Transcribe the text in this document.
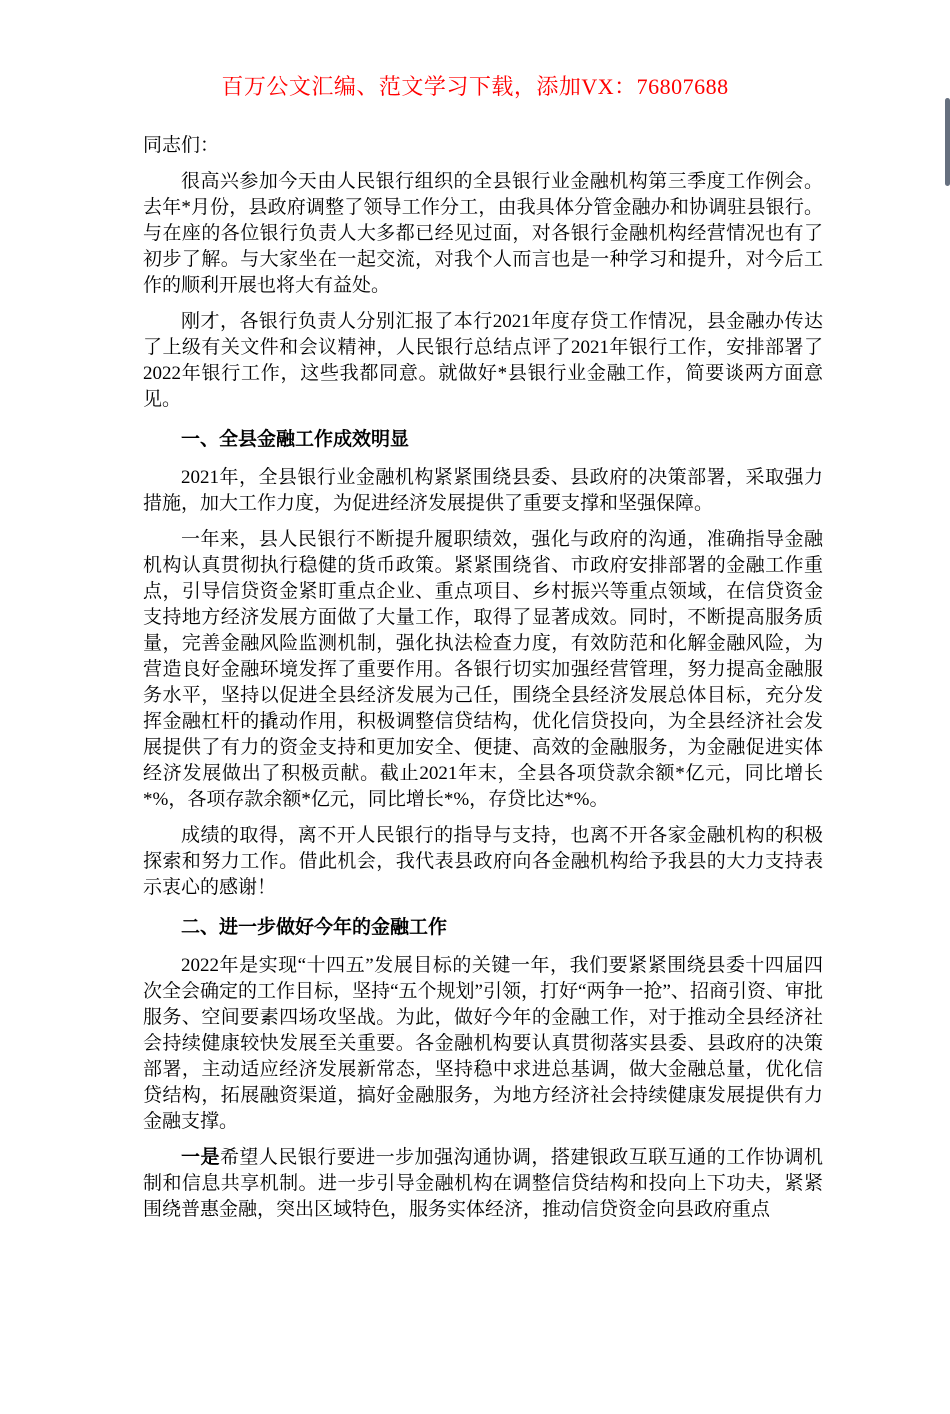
百万公文汇编、范文学习下载，添加VX：76807688

同志们：

很高兴参加今天由人民银行组织的全县银行业金融机构第三季度工作例会。去年*月份，县政府调整了领导工作分工，由我具体分管金融办和协调驻县银行。与在座的各位银行负责人大多都已经见过面，对各银行金融机构经营情况也有了初步了解。与大家坐在一起交流，对我个人而言也是一种学习和提升，对今后工作的顺利开展也将大有益处。

刚才，各银行负责人分别汇报了本行2021年度存贷工作情况，县金融办传达了上级有关文件和会议精神，人民银行总结点评了2021年银行工作，安排部署了2022年银行工作，这些我都同意。就做好*县银行业金融工作，简要谈两方面意见。

一、全县金融工作成效明显

2021年，全县银行业金融机构紧紧围绕县委、县政府的决策部署，采取强力措施，加大工作力度，为促进经济发展提供了重要支撑和坚强保障。

一年来，县人民银行不断提升履职绩效，强化与政府的沟通，准确指导金融机构认真贯彻执行稳健的货币政策。紧紧围绕省、市政府安排部署的金融工作重点，引导信贷资金紧盯重点企业、重点项目、乡村振兴等重点领域，在信贷资金支持地方经济发展方面做了大量工作，取得了显著成效。同时，不断提高服务质量，完善金融风险监测机制，强化执法检查力度，有效防范和化解金融风险，为营造良好金融环境发挥了重要作用。各银行切实加强经营管理，努力提高金融服务水平，坚持以促进全县经济发展为己任，围绕全县经济发展总体目标，充分发挥金融杠杆的撬动作用，积极调整信贷结构，优化信贷投向，为全县经济社会发展提供了有力的资金支持和更加安全、便捷、高效的金融服务，为金融促进实体经济发展做出了积极贡献。截止2021年末，全县各项贷款余额*亿元，同比增长*%，各项存款余额*亿元，同比增长*%，存贷比达*%。

成绩的取得，离不开人民银行的指导与支持，也离不开各家金融机构的积极探索和努力工作。借此机会，我代表县政府向各金融机构给予我县的大力支持表示衷心的感谢！

二、进一步做好今年的金融工作

2022年是实现“十四五”发展目标的关键一年，我们要紧紧围绕县委十四届四次全会确定的工作目标，坚持“五个规划”引领，打好“两争一抢”、招商引资、审批服务、空间要素四场攻坚战。为此，做好今年的金融工作，对于推动全县经济社会持续健康较快发展至关重要。各金融机构要认真贯彻落实县委、县政府的决策部署，主动适应经济发展新常态，坚持稳中求进总基调，做大金融总量，优化信贷结构，拓展融资渠道，搞好金融服务，为地方经济社会持续健康发展提供有力金融支撑。

一是希望人民银行要进一步加强沟通协调，搭建银政互联互通的工作协调机制和信息共享机制。进一步引导金融机构在调整信贷结构和投向上下功夫，紧紧围绕普惠金融，突出区域特色，服务实体经济，推动信贷资金向县政府重点
